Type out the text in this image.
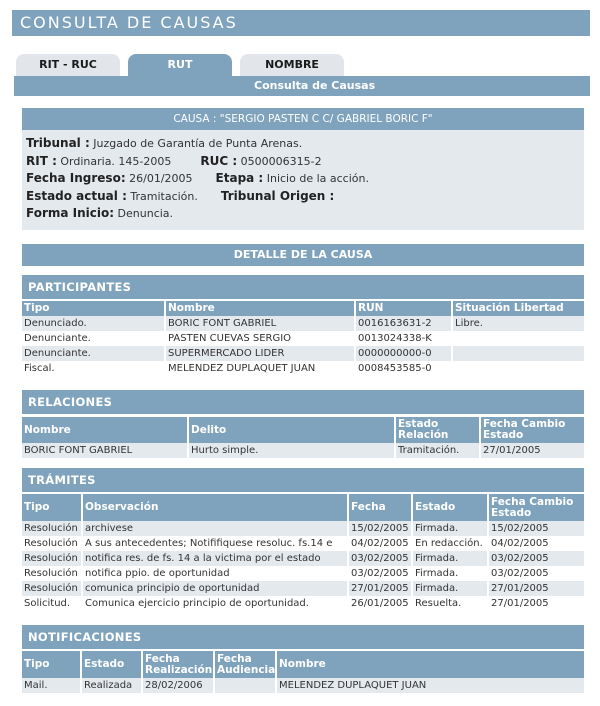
CONSULTA DE CAUSAS
RIT - RUC	RUT	NOMBRE
Consulta de Causas
CAUSA : "SERGIO PASTEN C C/ GABRIEL BORIC F"
Tribunal : Juzgado de Garantía de Punta Arenas.
RIT : Ordinaria. 145-2005 RUC : 0500006315-2
Fecha Ingreso: 26/01/2005 Etapa : Inicio de la acción.
Estado actual : Tramitación. Tribunal Origen :
Forma Inicio: Denuncia.
DETALLE DE LA CAUSA
PARTICIPANTES
Tipo	Nombre	RUN	Situación Libertad
Denunciado.	BORIC FONT GABRIEL	0016163631-2	Libre.
Denunciante.	PASTEN CUEVAS SERGIO	0013024338-K	
Denunciante.	SUPERMERCADO LIDER	0000000000-0	
Fiscal.	MELENDEZ DUPLAQUET JUAN	0008453585-0	
RELACIONES
Nombre	Delito	Estado Relación	Fecha Cambio Estado
BORIC FONT GABRIEL	Hurto simple.	Tramitación.	27/01/2005
TRÁMITES
Tipo	Observación	Fecha	Estado	Fecha Cambio Estado
Resolución	archivese	15/02/2005	Firmada.	15/02/2005
Resolución	A sus antecedentes; Notififiquese resoluc. fs.14 e	04/02/2005	En redacción.	04/02/2005
Resolución	notifica res. de fs. 14 a la victima por el estado	03/02/2005	Firmada.	03/02/2005
Resolución	notifica ppio. de oportunidad	03/02/2005	Firmada.	03/02/2005
Resolución	comunica principio de oportunidad	27/01/2005	Firmada.	27/01/2005
Solicitud.	Comunica ejercicio principio de oportunidad.	26/01/2005	Resuelta.	27/01/2005
NOTIFICACIONES
Tipo	Estado	Fecha Realización	Fecha Audiencia	Nombre
Mail.	Realizada	28/02/2006		MELENDEZ DUPLAQUET JUAN
